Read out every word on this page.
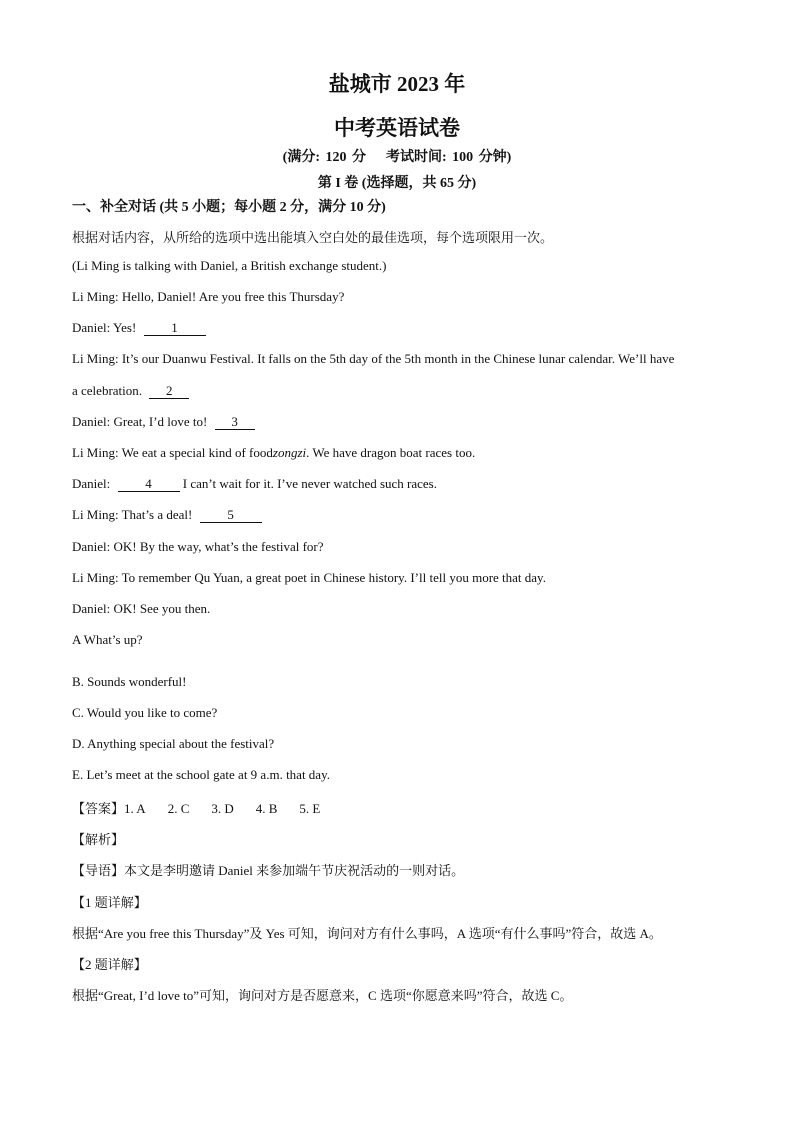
盐城市 2023 年
中考英语试卷
(满分: 120 分 考试时间: 100 分钟)
第 I 卷 (选择题，共 65 分)
一、补全对话 (共 5 小题；每小题 2 分，满分 10 分)
根据对话内容，从所给的选项中选出能填入空白处的最佳选项，每个选项限用一次。
(Li Ming is talking with Daniel, a British exchange student.)
Li Ming: Hello, Daniel! Are you free this Thursday?
Daniel: Yes!	1
Li Ming: It’s our Duanwu Festival. It falls on the 5th day of the 5th month in the Chinese lunar calendar. We’ll have
a celebration. 2
Daniel: Great, I’d love to! 3
Li Ming: We eat a special kind of foodzongzi. We have dragon boat races too.
Daniel:	4 I can’t wait for it. I’ve never watched such races.
Li Ming: That’s a deal!	5
Daniel: OK! By the way, what’s the festival for?
Li Ming: To remember Qu Yuan, a great poet in Chinese history. I’ll tell you more that day.
Daniel: OK! See you then.
A What’s up?
B. Sounds wonderful!
C. Would you like to come?
D. Anything special about the festival?
E. Let’s meet at the school gate at 9 a.m. that day.
【答案】1. A 2. C 3. D 4. B 5. E
【解析】
【导语】本文是李明邀请 Daniel 来参加端午节庆祝活动的一则对话。
【1 题详解】
根据“Are you free this Thursday”及 Yes 可知，询问对方有什么事吗，A 选项“有什么事吗”符合，故选 A。
【2 题详解】
根据“Great, I’d love to”可知，询问对方是否愿意来，C 选项“你愿意来吗”符合，故选 C。
